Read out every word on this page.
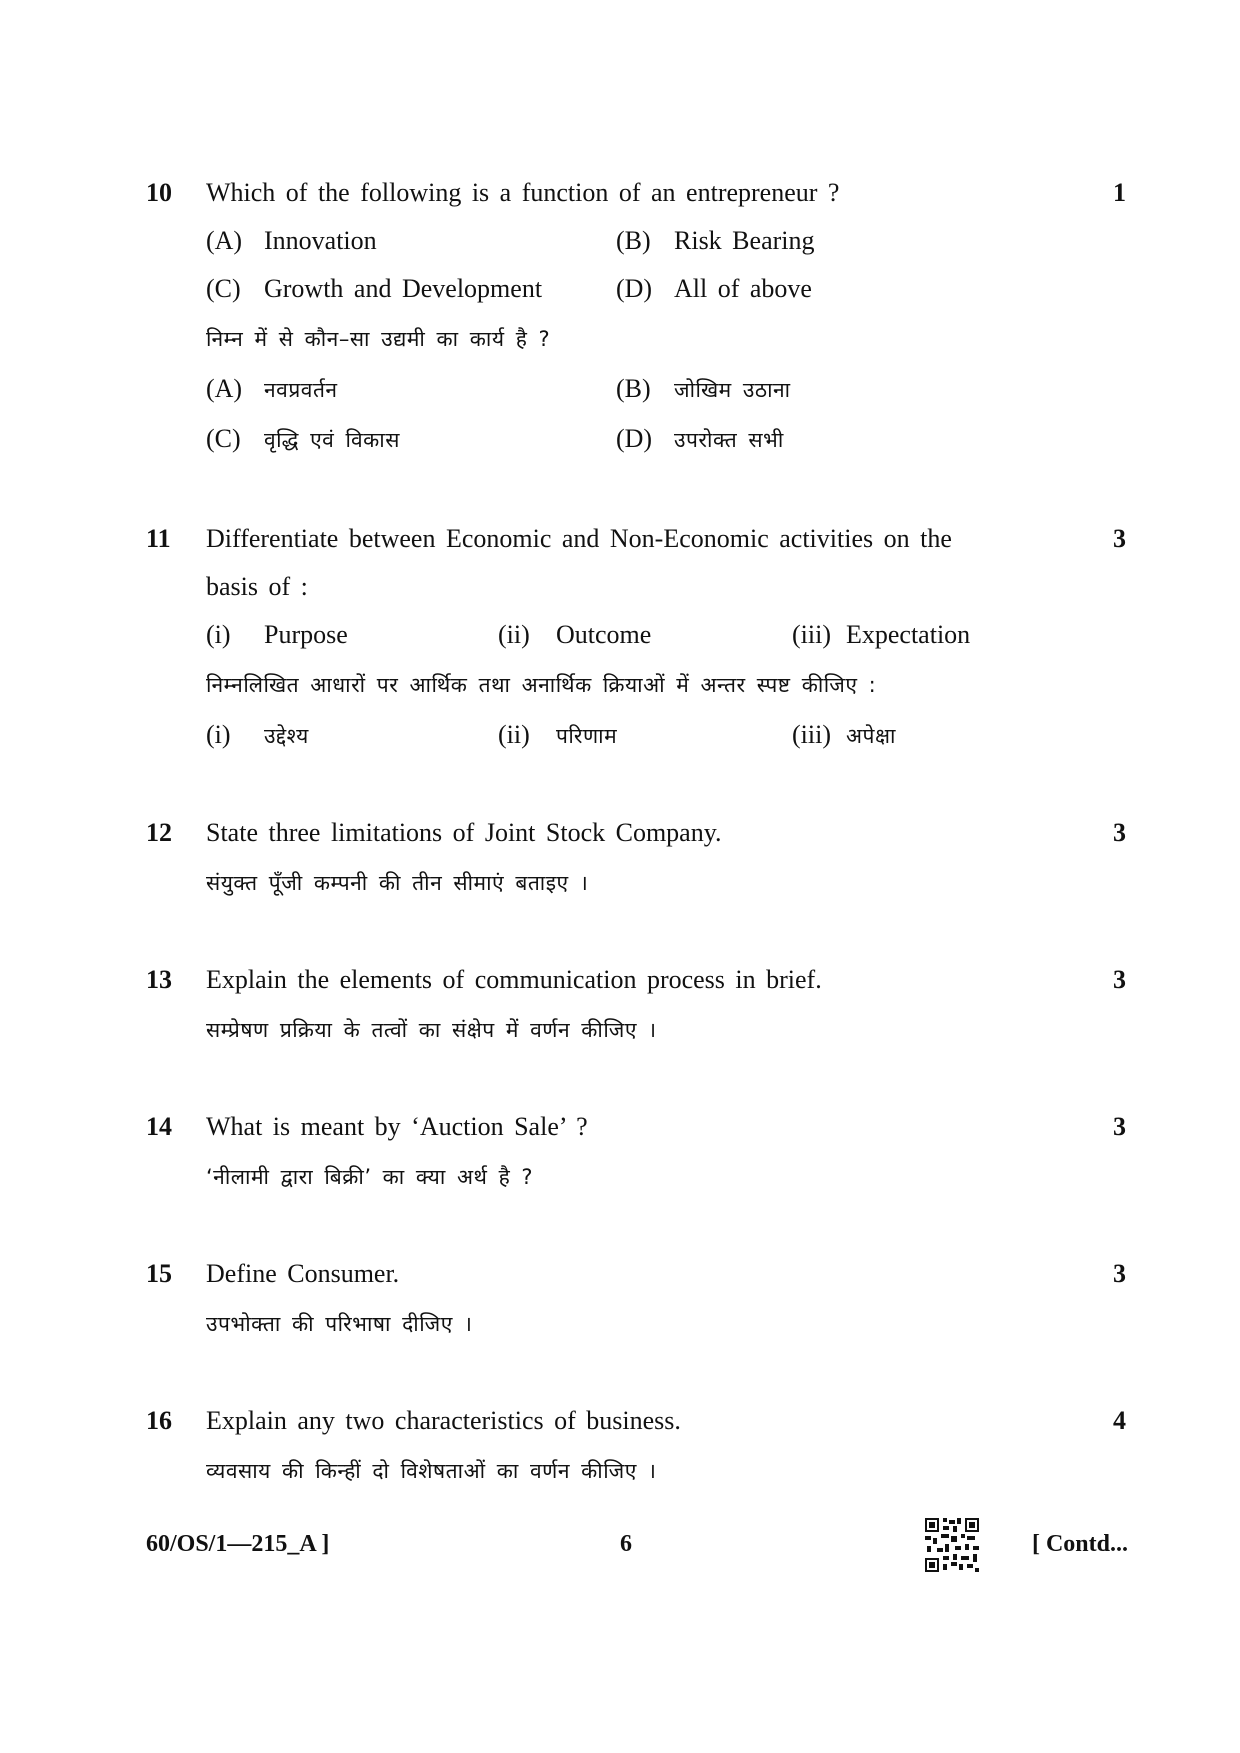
10	1
Which of the following is a function of an entrepreneur ?
(A) Innovation	(B) Risk Bearing
(C) Growth and Development	(D) All of above
निम्न में से कौन–सा उद्यमी का कार्य है ?
(A) नवप्रवर्तन	(B) जोखिम उठाना
(C) वृद्धि एवं विकास	(D) उपरोक्त सभी
11	3
Differentiate between Economic and Non-Economic activities on the
basis of :
(i) Purpose	(ii) Outcome	(iii) Expectation
निम्नलिखित आधारों पर आर्थिक तथा अनार्थिक क्रियाओं में अन्तर स्पष्ट कीजिए :
(i) उद्देश्य	(ii) परिणाम	(iii) अपेक्षा
12	3
State three limitations of Joint Stock Company.
संयुक्त पूँजी कम्पनी की तीन सीमाएं बताइए ।
13	3
Explain the elements of communication process in brief.
सम्प्रेषण प्रक्रिया के तत्वों का संक्षेप में वर्णन कीजिए ।
14	3
What is meant by ‘Auction Sale’ ?
‘नीलामी द्वारा बिक्री’ का क्या अर्थ है ?
15	3
Define Consumer.
उपभोक्ता की परिभाषा दीजिए ।
16	4
Explain any two characteristics of business.
व्यवसाय की किन्हीं दो विशेषताओं का वर्णन कीजिए ।
60/OS/1—215_A ]	6	[ Contd...
